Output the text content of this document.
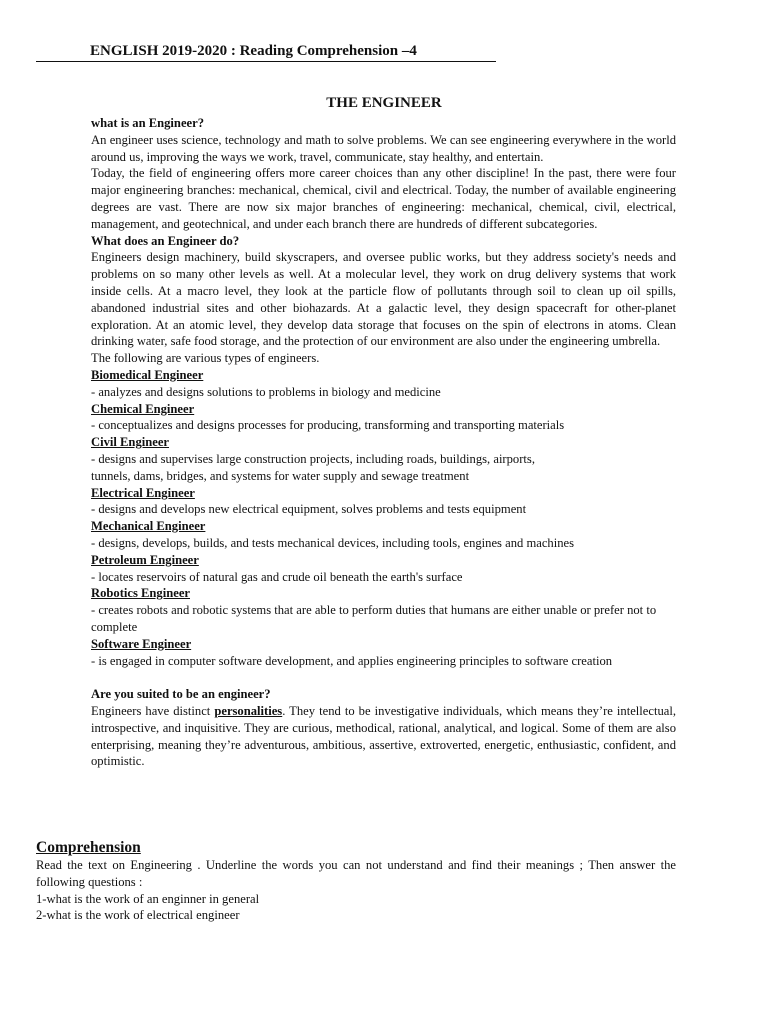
ENGLISH 2019-2020 : Reading Comprehension –4
THE ENGINEER
what is an Engineer?
An engineer uses science, technology and math to solve problems. We can see engineering everywhere in the world around us, improving the ways we work, travel, communicate, stay healthy, and entertain.
Today, the field of engineering offers more career choices than any other discipline! In the past, there were four major engineering branches: mechanical, chemical, civil and electrical. Today, the number of available engineering degrees are vast. There are now six major branches of engineering: mechanical, chemical, civil, electrical, management, and geotechnical, and under each branch there are hundreds of different subcategories.
What does an Engineer do?
Engineers design machinery, build skyscrapers, and oversee public works, but they address society's needs and problems on so many other levels as well. At a molecular level, they work on drug delivery systems that work inside cells. At a macro level, they look at the particle flow of pollutants through soil to clean up oil spills, abandoned industrial sites and other biohazards. At a galactic level, they design spacecraft for other-planet exploration. At an atomic level, they develop data storage that focuses on the spin of electrons in atoms. Clean drinking water, safe food storage, and the protection of our environment are also under the engineering umbrella.
The following are various types of engineers.
Biomedical Engineer
- analyzes and designs solutions to problems in biology and medicine
Chemical Engineer
- conceptualizes and designs processes for producing, transforming and transporting materials
Civil Engineer
- designs and supervises large construction projects, including roads, buildings, airports,
tunnels, dams, bridges, and systems for water supply and sewage treatment
Electrical Engineer
- designs and develops new electrical equipment, solves problems and tests equipment
Mechanical Engineer
- designs, develops, builds, and tests mechanical devices, including tools, engines and machines
Petroleum Engineer
- locates reservoirs of natural gas and crude oil beneath the earth's surface
Robotics Engineer
- creates robots and robotic systems that are able to perform duties that humans are either unable or prefer not to complete
Software Engineer
- is engaged in computer software development, and applies engineering principles to software creation
Are you suited to be an engineer?
Engineers have distinct personalities. They tend to be investigative individuals, which means they’re intellectual, introspective, and inquisitive. They are curious, methodical, rational, analytical, and logical. Some of them are also enterprising, meaning they’re adventurous, ambitious, assertive, extroverted, energetic, enthusiastic, confident, and optimistic.
Comprehension
Read the text on Engineering . Underline the words you can not understand and find their meanings ; Then answer the following questions :
1-what is the work of an enginner in general
2-what is the work of electrical engineer
